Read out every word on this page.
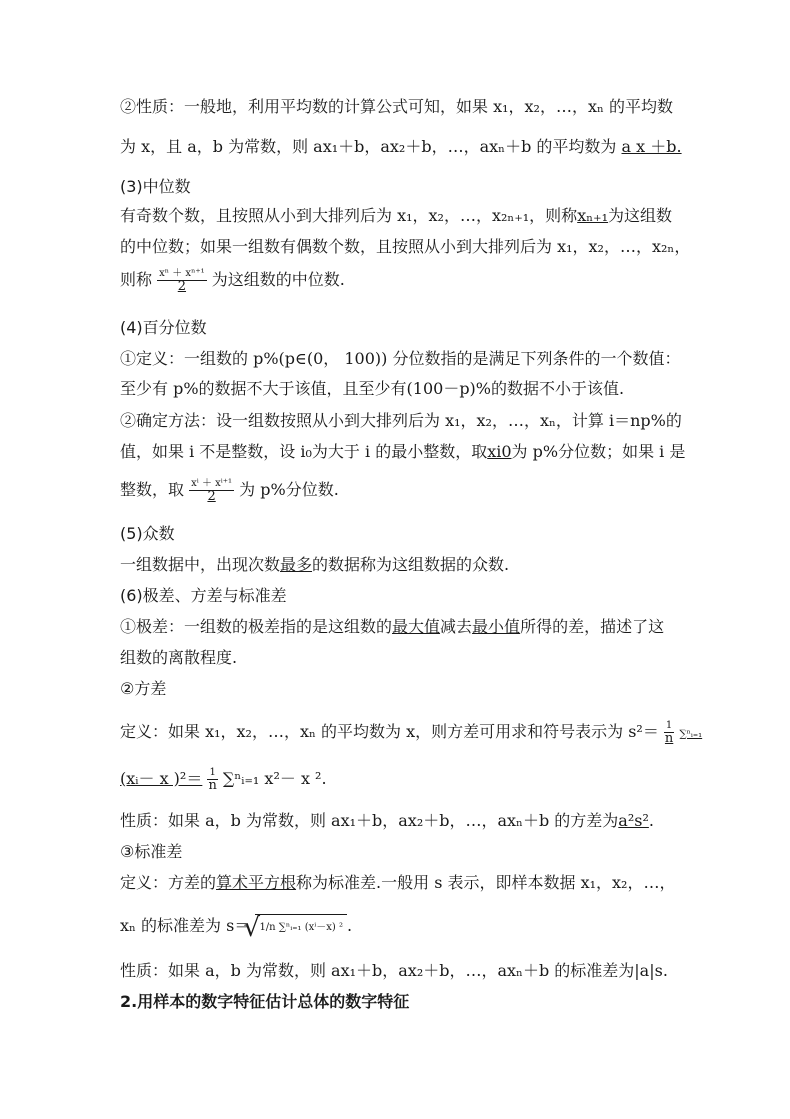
②性质：一般地，利用平均数的计算公式可知，如果 x₁，x₂，…，xₙ 的平均数
为 x，且 a，b 为常数，则 ax₁＋b，ax₂＋b，…，axₙ＋b 的平均数为 a x ＋b.
(3)中位数
有奇数个数，且按照从小到大排列后为 x₁，x₂，…，x₂ₙ₊₁，则称xₙ₊₁为这组数
的中位数；如果一组数有偶数个数，且按照从小到大排列后为 x₁，x₂，…，x₂ₙ，
则称 $\frac{\text{xⁿ ＋ xⁿ⁺¹}}{2}$ 为这组数的中位数.
(4)百分位数
①定义：一组数的 p%(p∈(0， 100)) 分位数指的是满足下列条件的一个数值：
至少有 p%的数据不大于该值，且至少有(100－p)%的数据不小于该值.
②确定方法：设一组数按照从小到大排列后为 x₁，x₂，…，xₙ，计算 i＝np%的
值，如果 i 不是整数，设 i₀为大于 i 的最小整数，取xi0为 p%分位数；如果 i 是
整数，取 $\frac{\text{xⁱ ＋ xⁱ⁺¹}}{2}$ 为 p%分位数.
(5)众数
一组数据中，出现次数最多的数据称为这组数据的众数.
(6)极差、方差与标准差
①极差：一组数的极差指的是这组数的最大值减去最小值所得的差，描述了这
组数的离散程度.
②方差
定义：如果 x₁，x₂，…，xₙ 的平均数为 x，则方差可用求和符号表示为 $s^2= \frac{1}{n}$ ∑ⁿᵢ₌₁
(xᵢ－ x )$^2= \frac{1}{n}$ ∑ⁿᵢ₌₁ x²－ x ².
性质：如果 a，b 为常数，则 ax₁＋b，ax₂＋b，…，axₙ＋b 的方差为a²s².
③标准差
定义：方差的算术平方根称为标准差.一般用 s 表示，即样本数据 x₁，x₂，…，
xₙ 的标准差为 s＝ √ 1/n ∑ⁿᵢ₌₁ (xⁱ－x) ² .
性质：如果 a，b 为常数，则 ax₁＋b，ax₂＋b，…，axₙ＋b 的标准差为|a|s.
2.用样本的数字特征估计总体的数字特征
